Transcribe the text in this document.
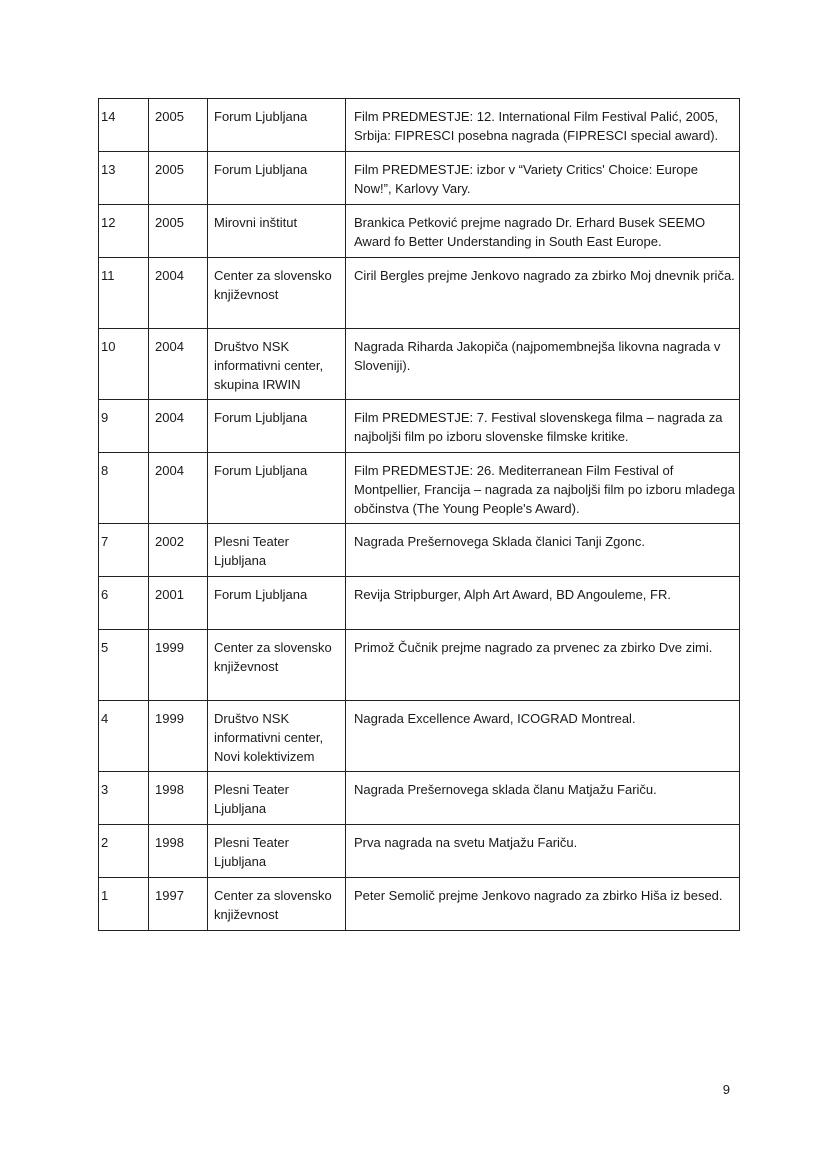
14	2005	Forum Ljubljana	Film PREDMESTJE: 12. International Film Festival Palić, 2005, Srbija: FIPRESCI posebna nagrada (FIPRESCI special award).
13	2005	Forum Ljubljana	Film PREDMESTJE: izbor v “Variety Critics' Choice: Europe Now!”, Karlovy Vary.
12	2005	Mirovni inštitut	Brankica Petković prejme nagrado Dr. Erhard Busek SEEMO Award fo Better Understanding in South East Europe.
11	2004	Center za slovensko književnost	Ciril Bergles prejme Jenkovo nagrado za zbirko Moj dnevnik priča.
10	2004	Društvo NSK informativni center, skupina IRWIN	Nagrada Riharda Jakopiča (najpomembnejša likovna nagrada v Sloveniji).
9	2004	Forum Ljubljana	Film PREDMESTJE: 7. Festival slovenskega filma – nagrada za najboljši film po izboru slovenske filmske kritike.
8	2004	Forum Ljubljana	Film PREDMESTJE: 26. Mediterranean Film Festival of Montpellier, Francija – nagrada za najboljši film po izboru mladega občinstva (The Young People's Award).
7	2002	Plesni Teater Ljubljana	Nagrada Prešernovega Sklada članici Tanji Zgonc.
6	2001	Forum Ljubljana	Revija Stripburger, Alph Art Award, BD Angouleme, FR.
5	1999	Center za slovensko književnost	Primož Čučnik prejme nagrado za prvenec za zbirko Dve zimi.
4	1999	Društvo NSK informativni center, Novi kolektivizem	Nagrada Excellence Award, ICOGRAD Montreal.
3	1998	Plesni Teater Ljubljana	Nagrada Prešernovega sklada članu Matjažu Fariču.
2	1998	Plesni Teater Ljubljana	Prva nagrada na svetu Matjažu Fariču.
1	1997	Center za slovensko književnost	Peter Semolič prejme Jenkovo nagrado za zbirko Hiša iz besed.
9
